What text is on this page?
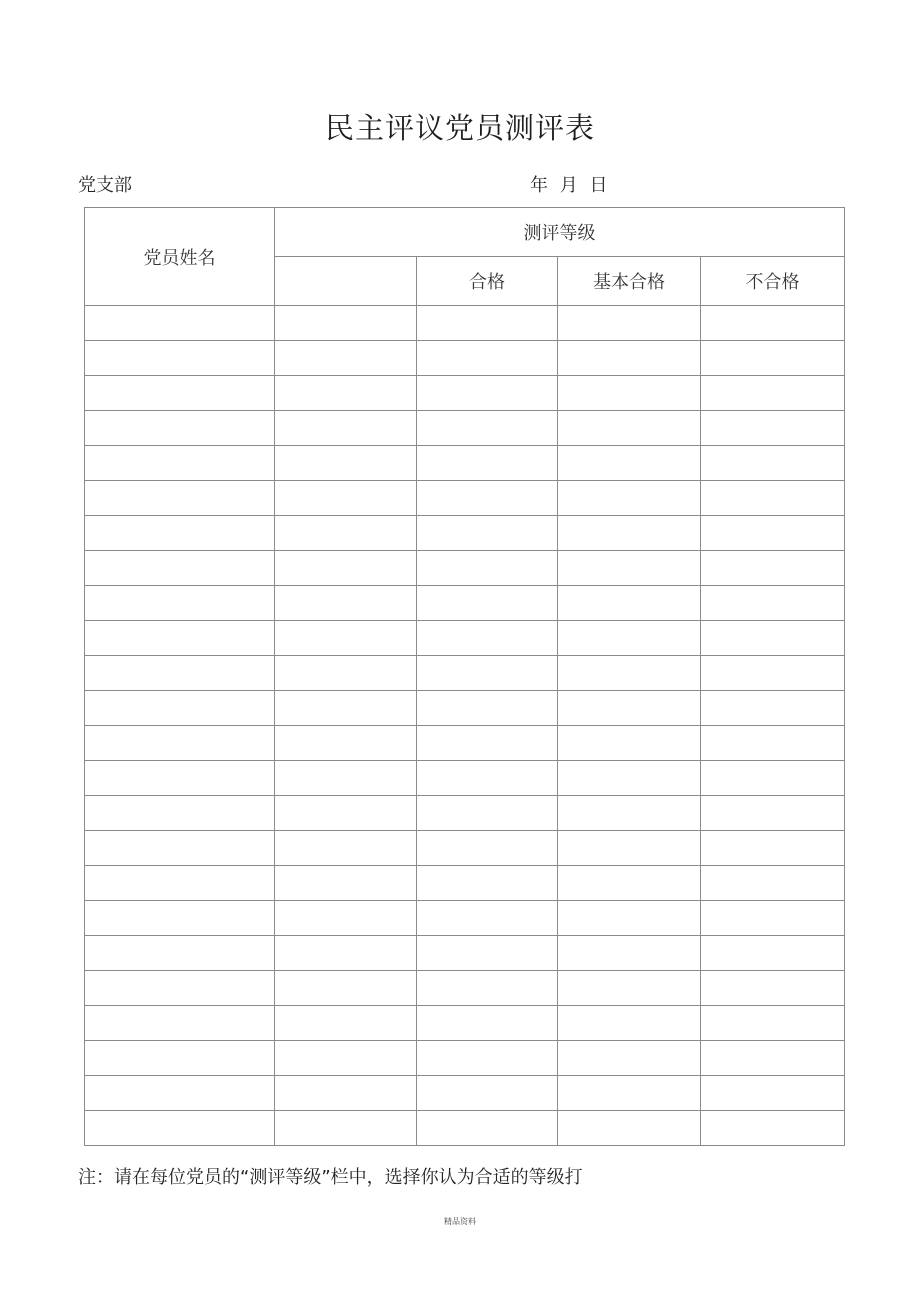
民主评议党员测评表
党支部	年 月 日
党员姓名	测评等级			
		合格	基本合格	不合格

注：请在每位党员的“测评等级”栏中，选择你认为合适的等级打
精品资料
